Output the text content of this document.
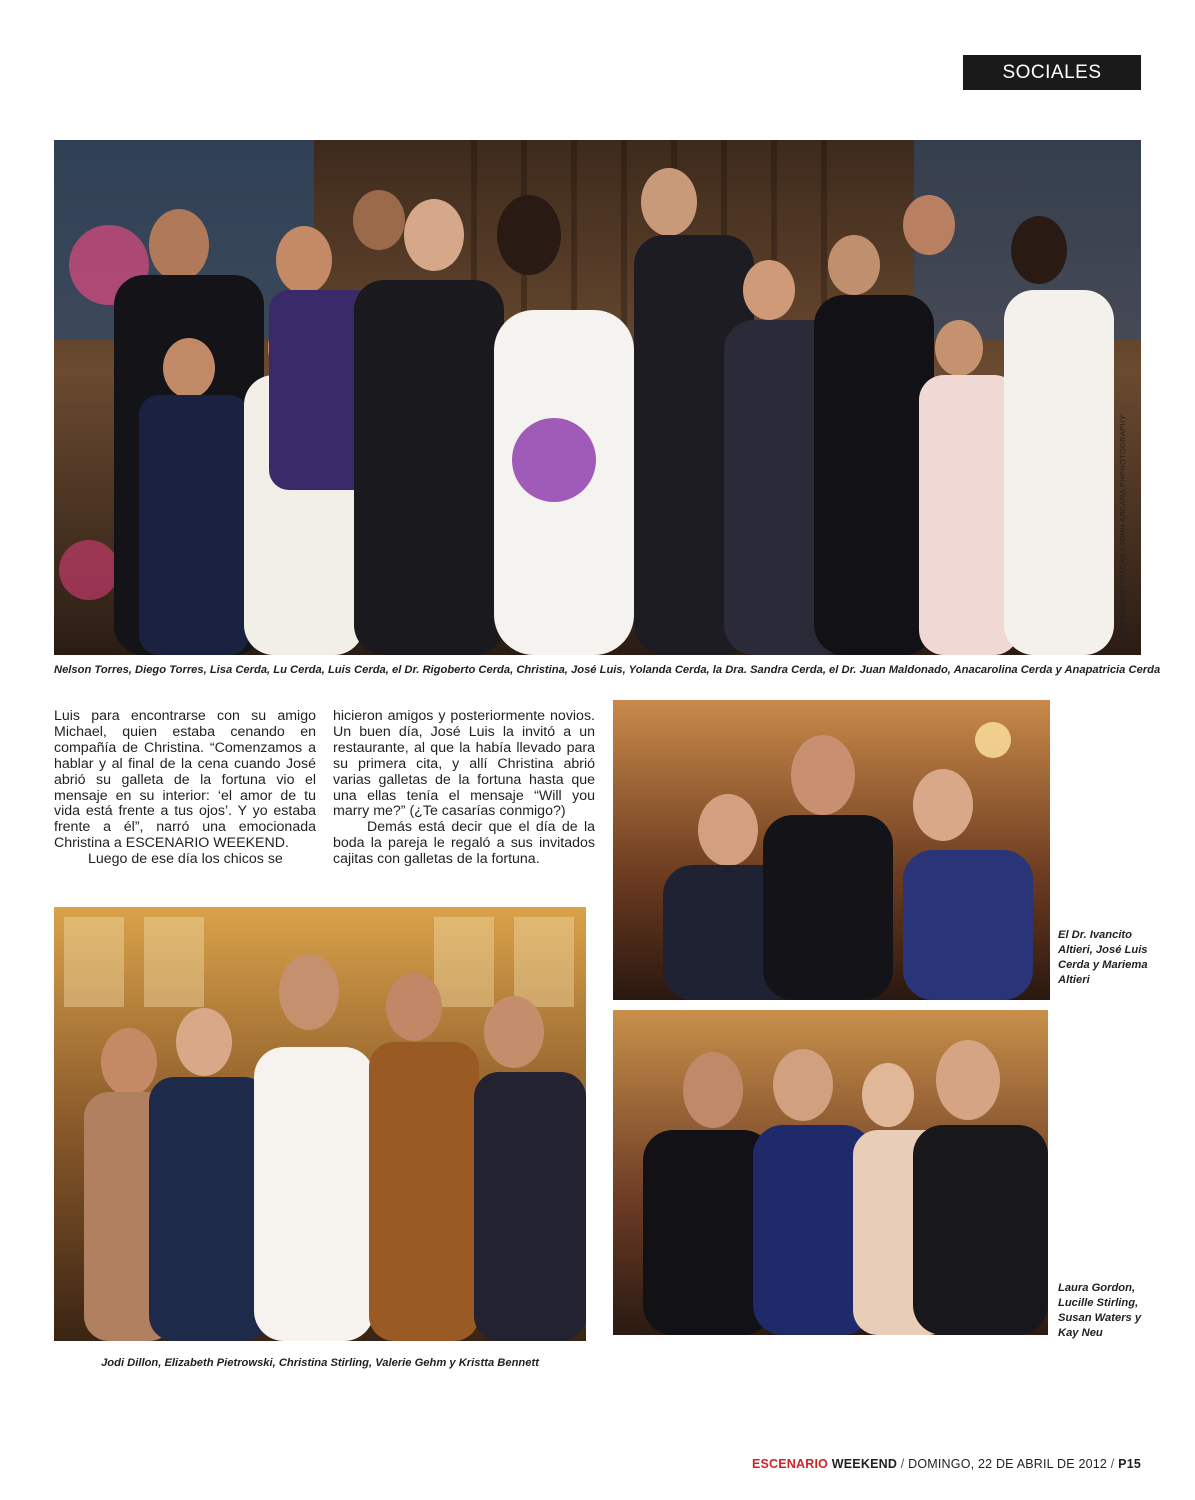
SOCIALES
FOTOS SUMINISTRADAS / JOHN ARCARA PHPHOTOGRAPHY
Nelson Torres, Diego Torres, Lisa Cerda, Lu Cerda, Luis Cerda, el Dr. Rigoberto Cerda, Christina, José Luis, Yolanda Cerda, la Dra. Sandra Cerda, el Dr. Juan Maldonado, Anacarolina Cerda y Anapatricia Cerda

Luis para encontrarse con su amigo Michael, quien estaba cenando en compañía de Christina. “Comenzamos a hablar y al final de la cena cuando José abrió su galleta de la fortuna vio el mensaje en su interior: ‘el amor de tu vida está frente a tus ojos’. Y yo estaba frente a él”, narró una emocionada Christina a ESCENARIO WEEKEND.

Luego de ese día los chicos se

hicieron amigos y posteriormente novios. Un buen día, José Luis la invitó a un restaurante, al que la había llevado para su primera cita, y allí Christina abrió varias galletas de la fortuna hasta que una ellas tenía el mensaje “Will you marry me?” (¿Te casarías conmigo?)

Demás está decir que el día de la boda la pareja le regaló a sus invitados cajitas con galletas de la fortuna.

Jodi Dillon, Elizabeth Pietrowski, Christina Stirling, Valerie Gehm y Kristta Bennett
El Dr. Ivancito Altieri, José Luis Cerda y Mariema Altieri
Laura Gordon, Lucille Stirling, Susan Waters y Kay Neu
ESCENARIO WEEKEND / DOMINGO, 22 DE ABRIL DE 2012 / P15
